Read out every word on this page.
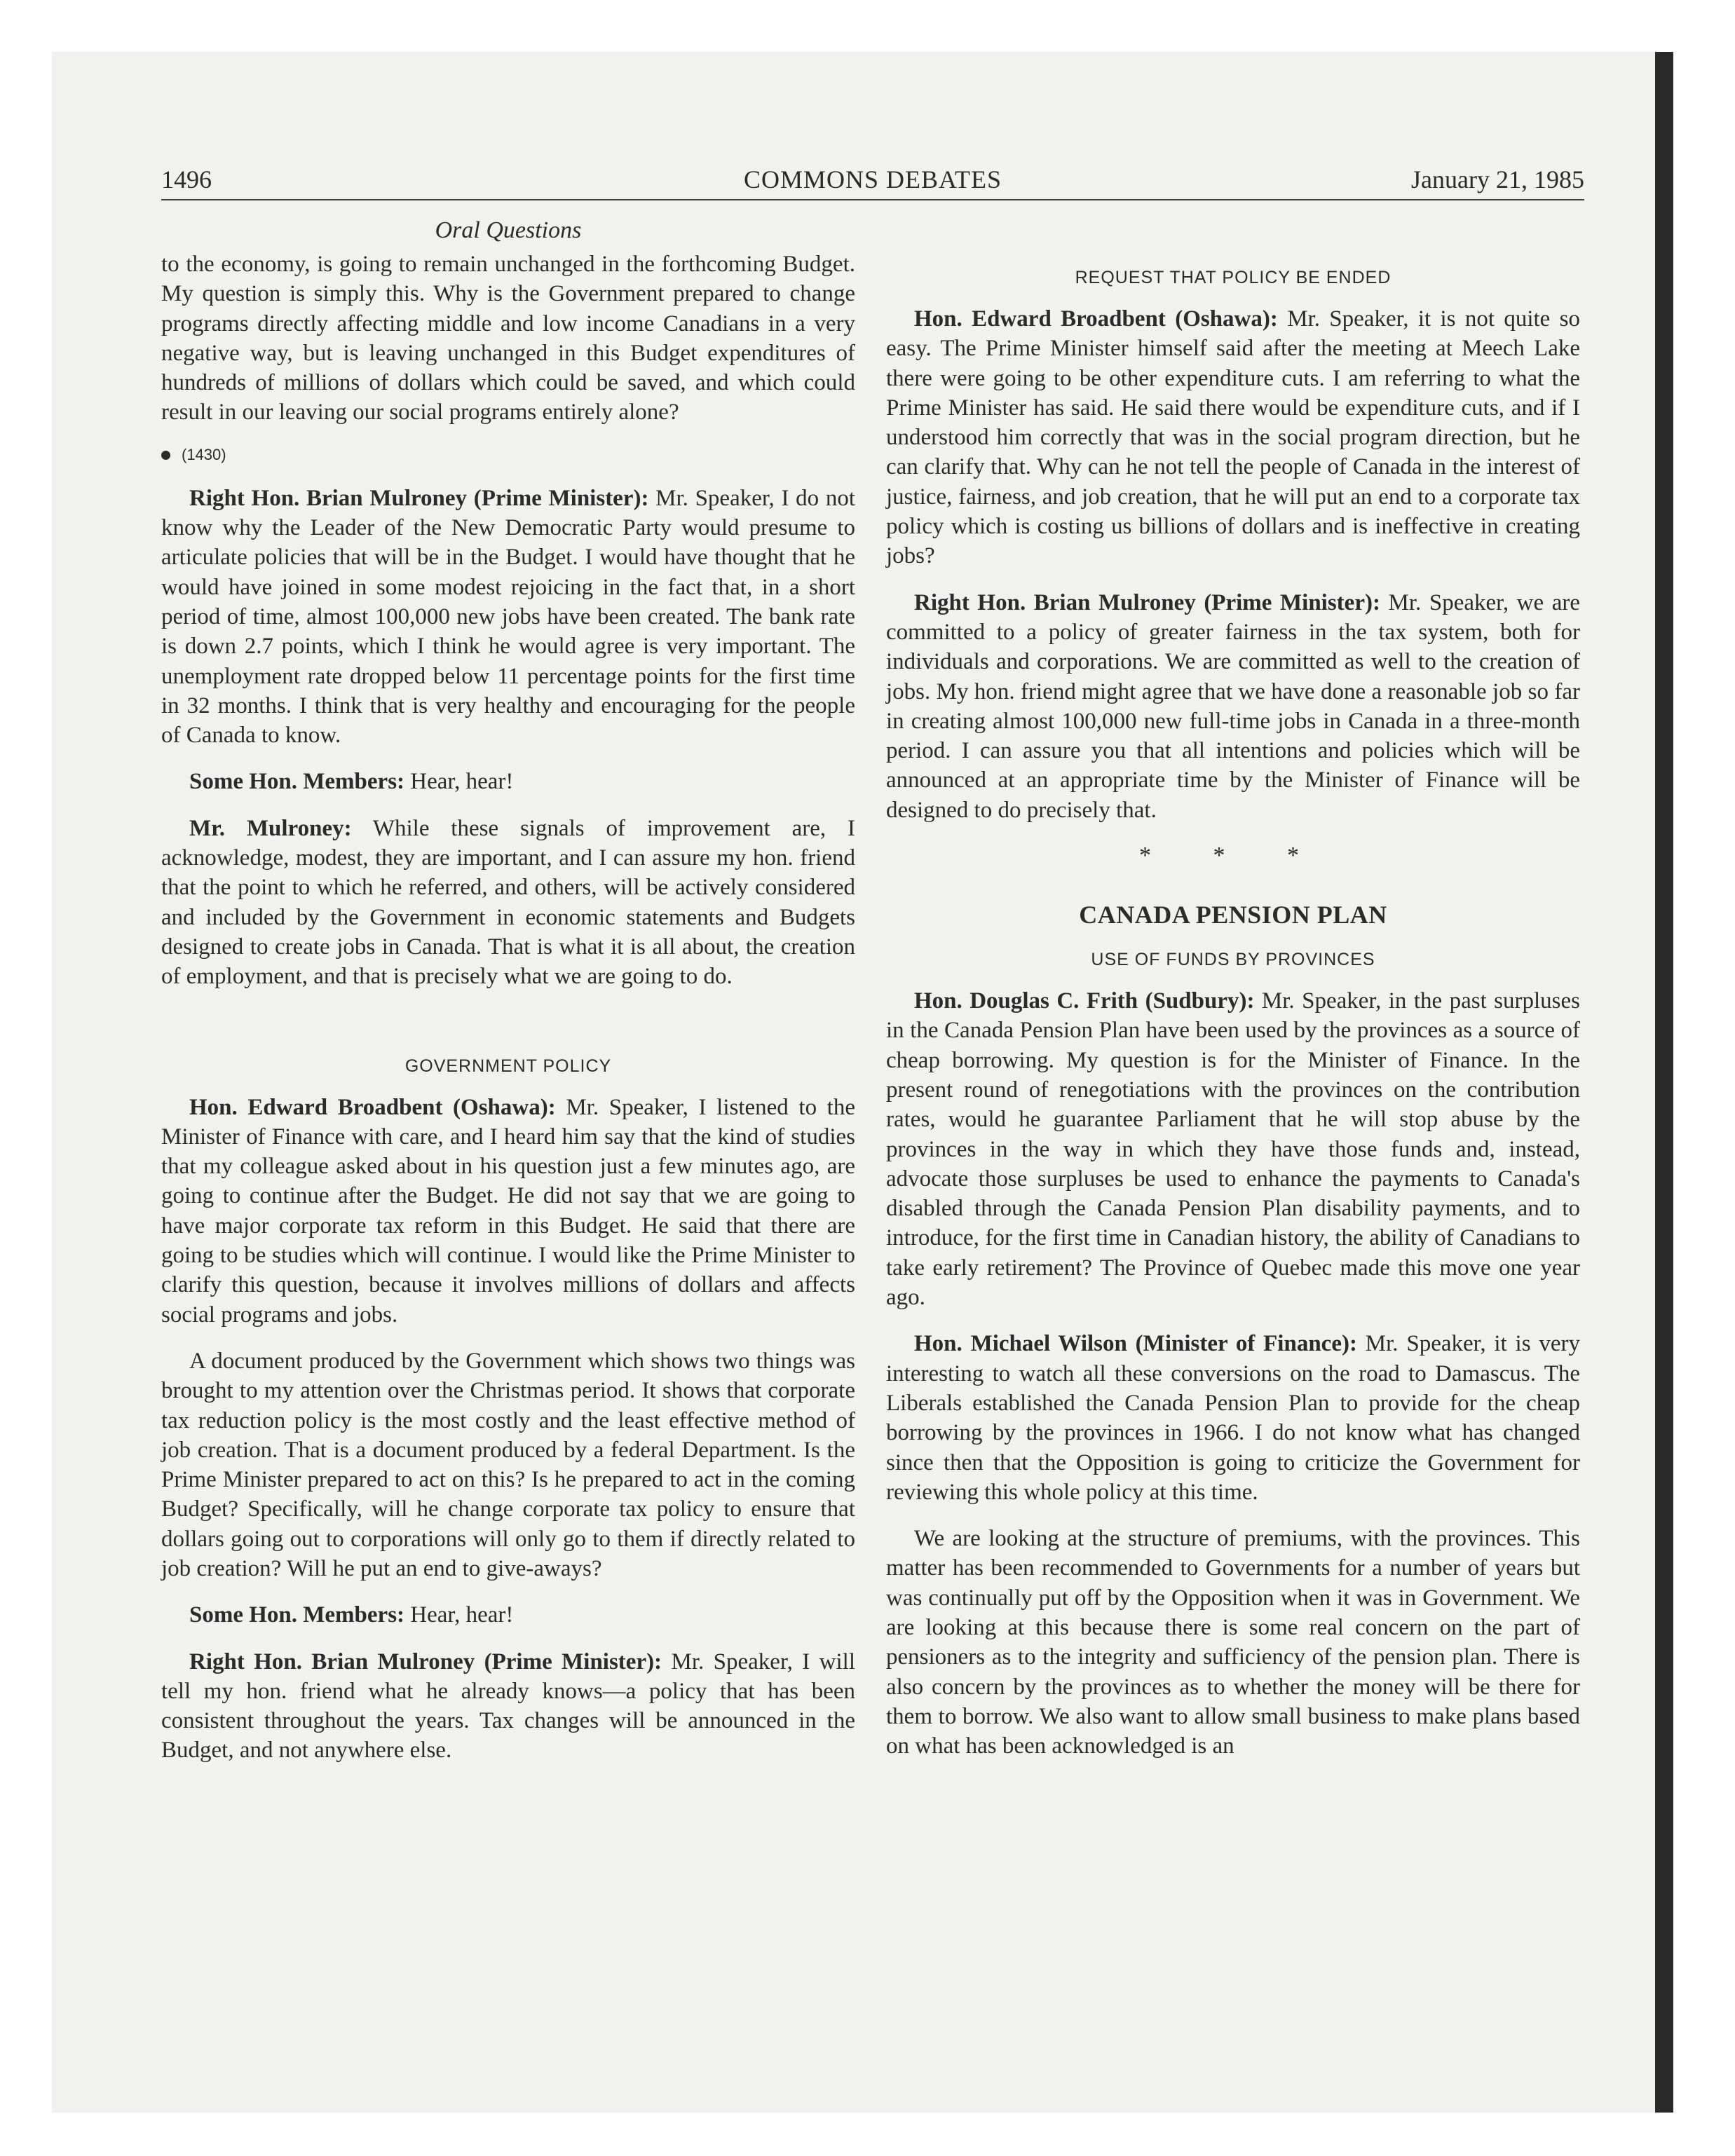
1496	COMMONS DEBATES	January 21, 1985
Oral Questions

to the economy, is going to remain unchanged in the forthcoming Budget. My question is simply this. Why is the Government prepared to change programs directly affecting middle and low income Canadians in a very negative way, but is leaving unchanged in this Budget expenditures of hundreds of millions of dollars which could be saved, and which could result in our leaving our social programs entirely alone?

(1430)

Right Hon. Brian Mulroney (Prime Minister): Mr. Speaker, I do not know why the Leader of the New Democratic Party would presume to articulate policies that will be in the Budget. I would have thought that he would have joined in some modest rejoicing in the fact that, in a short period of time, almost 100,000 new jobs have been created. The bank rate is down 2.7 points, which I think he would agree is very important. The unemployment rate dropped below 11 percentage points for the first time in 32 months. I think that is very healthy and encouraging for the people of Canada to know.

Some Hon. Members: Hear, hear!

Mr. Mulroney: While these signals of improvement are, I acknowledge, modest, they are important, and I can assure my hon. friend that the point to which he referred, and others, will be actively considered and included by the Government in economic statements and Budgets designed to create jobs in Canada. That is what it is all about, the creation of employment, and that is precisely what we are going to do.

GOVERNMENT POLICY

Hon. Edward Broadbent (Oshawa): Mr. Speaker, I listened to the Minister of Finance with care, and I heard him say that the kind of studies that my colleague asked about in his question just a few minutes ago, are going to continue after the Budget. He did not say that we are going to have major corporate tax reform in this Budget. He said that there are going to be studies which will continue. I would like the Prime Minister to clarify this question, because it involves millions of dollars and affects social programs and jobs.

A document produced by the Government which shows two things was brought to my attention over the Christmas period. It shows that corporate tax reduction policy is the most costly and the least effective method of job creation. That is a document produced by a federal Department. Is the Prime Minister prepared to act on this? Is he prepared to act in the coming Budget? Specifically, will he change corporate tax policy to ensure that dollars going out to corporations will only go to them if directly related to job creation? Will he put an end to give-aways?

Some Hon. Members: Hear, hear!

Right Hon. Brian Mulroney (Prime Minister): Mr. Speaker, I will tell my hon. friend what he already knows—a policy that has been consistent throughout the years. Tax changes will be announced in the Budget, and not anywhere else.

REQUEST THAT POLICY BE ENDED

Hon. Edward Broadbent (Oshawa): Mr. Speaker, it is not quite so easy. The Prime Minister himself said after the meeting at Meech Lake there were going to be other expenditure cuts. I am referring to what the Prime Minister has said. He said there would be expenditure cuts, and if I understood him correctly that was in the social program direction, but he can clarify that. Why can he not tell the people of Canada in the interest of justice, fairness, and job creation, that he will put an end to a corporate tax policy which is costing us billions of dollars and is ineffective in creating jobs?

Right Hon. Brian Mulroney (Prime Minister): Mr. Speaker, we are committed to a policy of greater fairness in the tax system, both for individuals and corporations. We are committed as well to the creation of jobs. My hon. friend might agree that we have done a reasonable job so far in creating almost 100,000 new full-time jobs in Canada in a three-month period. I can assure you that all intentions and policies which will be announced at an appropriate time by the Minister of Finance will be designed to do precisely that.

* * *
CANADA PENSION PLAN
USE OF FUNDS BY PROVINCES

Hon. Douglas C. Frith (Sudbury): Mr. Speaker, in the past surpluses in the Canada Pension Plan have been used by the provinces as a source of cheap borrowing. My question is for the Minister of Finance. In the present round of renegotiations with the provinces on the contribution rates, would he guarantee Parliament that he will stop abuse by the provinces in the way in which they have those funds and, instead, advocate those surpluses be used to enhance the payments to Canada's disabled through the Canada Pension Plan disability payments, and to introduce, for the first time in Canadian history, the ability of Canadians to take early retirement? The Province of Quebec made this move one year ago.

Hon. Michael Wilson (Minister of Finance): Mr. Speaker, it is very interesting to watch all these conversions on the road to Damascus. The Liberals established the Canada Pension Plan to provide for the cheap borrowing by the provinces in 1966. I do not know what has changed since then that the Opposition is going to criticize the Government for reviewing this whole policy at this time.

We are looking at the structure of premiums, with the provinces. This matter has been recommended to Governments for a number of years but was continually put off by the Opposition when it was in Government. We are looking at this because there is some real concern on the part of pensioners as to the integrity and sufficiency of the pension plan. There is also concern by the provinces as to whether the money will be there for them to borrow. We also want to allow small business to make plans based on what has been acknowledged is an
